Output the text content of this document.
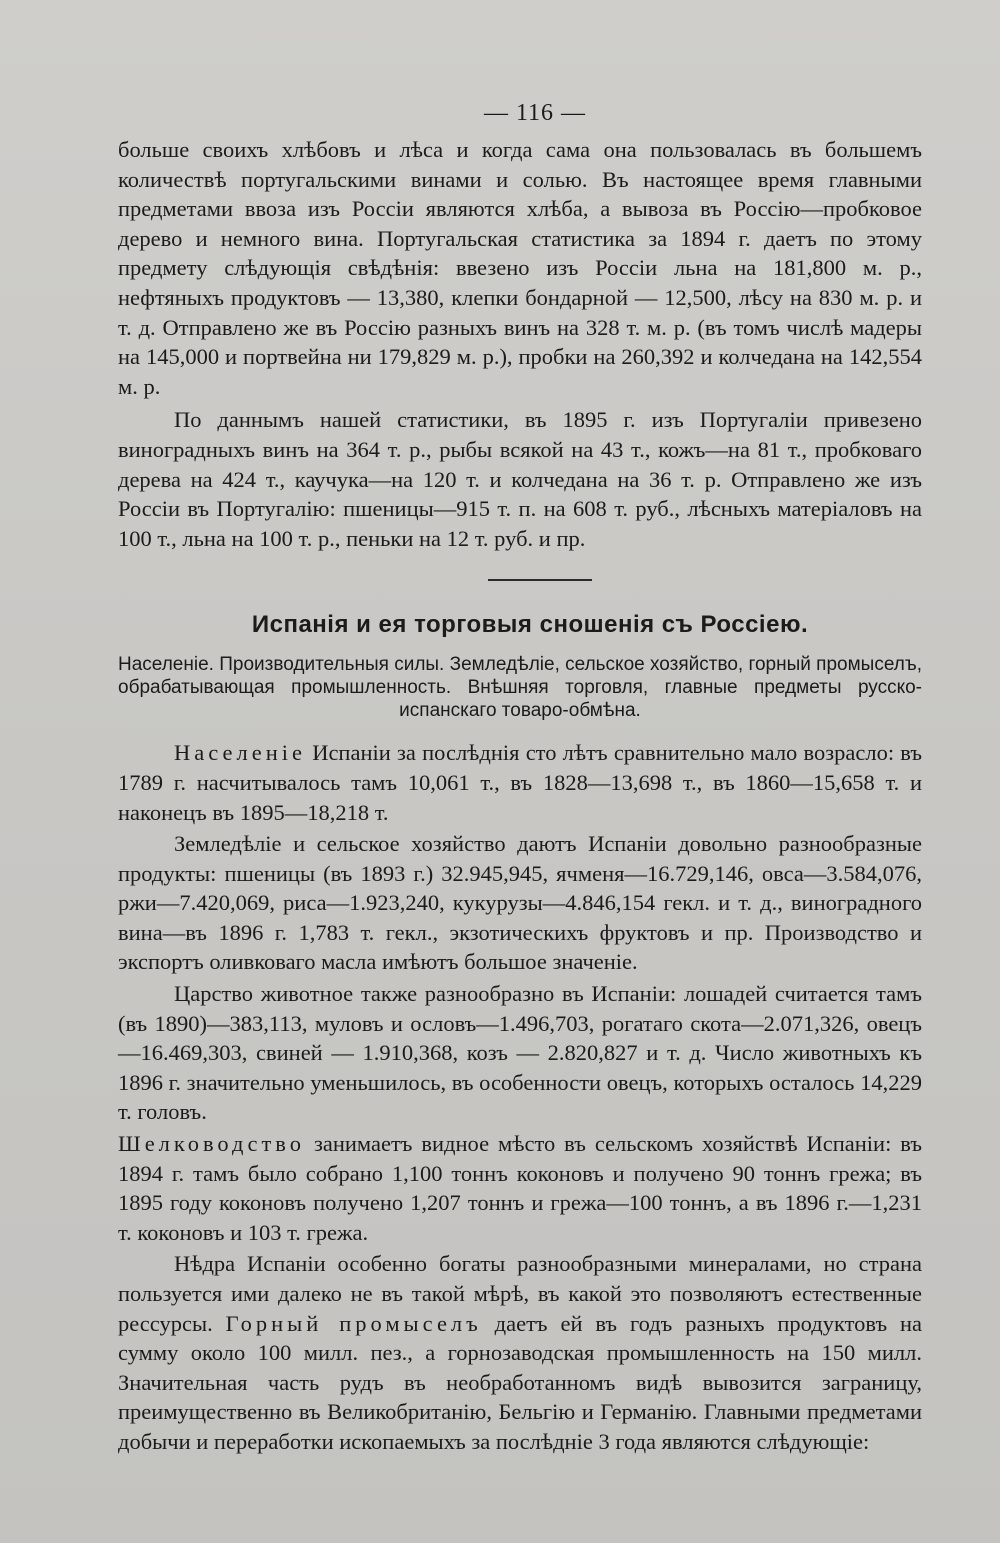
— 116 —

больше своихъ хлѣбовъ и лѣса и когда сама она пользовалась въ большемъ количествѣ португальскими винами и солью. Въ настоящее время главными предметами ввоза изъ Россіи являются хлѣба, а вывоза въ Россію—пробковое дерево и немного вина. Португальская статистика за 1894 г. даетъ по этому предмету слѣдующія свѣдѣнія: ввезено изъ Россіи льна на 181,800 м. р., нефтяныхъ продуктовъ — 13,380, клепки бондарной — 12,500, лѣсу на 830 м. р. и т. д. Отправлено же въ Россію разныхъ винъ на 328 т. м. р. (въ томъ числѣ мадеры на 145,000 и портвейна ни 179,829 м. р.), пробки на 260,392 и колчедана на 142,554 м. р.

По даннымъ нашей статистики, въ 1895 г. изъ Португаліи привезено виноградныхъ винъ на 364 т. р., рыбы всякой на 43 т., кожъ—на 81 т., пробковаго дерева на 424 т., каучука—на 120 т. и колчедана на 36 т. р. Отправлено же изъ Россіи въ Португалію: пшеницы—915 т. п. на 608 т. руб., лѣсныхъ матеріаловъ на 100 т., льна на 100 т. р., пеньки на 12 т. руб. и пр.

Испанія и ея торговыя сношенія съ Россіею.
Населеніе. Производительныя силы. Земледѣліе, сельское хозяйство, горный промыселъ, обрабатывающая промышленность. Внѣшняя торговля, главные предметы русско-испанскаго товаро-обмѣна.

Населеніе Испаніи за послѣднія сто лѣтъ сравнительно мало возрасло: въ 1789 г. насчитывалось тамъ 10,061 т., въ 1828—13,698 т., въ 1860—15,658 т. и наконецъ въ 1895—18,218 т.

Земледѣліе и сельское хозяйство даютъ Испаніи довольно разнообразные продукты: пшеницы (въ 1893 г.) 32.945,945, ячменя—16.729,146, овса—3.584,076, ржи—7.420,069, риса—1.923,240, кукурузы—4.846,154 гекл. и т. д., виноградного вина—въ 1896 г. 1,783 т. гекл., экзотическихъ фруктовъ и пр. Производство и экспортъ оливковаго масла имѣютъ большое значеніе.

Царство животное также разнообразно въ Испаніи: лошадей считается тамъ (въ 1890)—383,113, муловъ и ословъ—1.496,703, рогатаго скота—2.071,326, овецъ—16.469,303, свиней — 1.910,368, козъ — 2.820,827 и т. д. Число животныхъ къ 1896 г. значительно уменьшилось, въ особенности овецъ, которыхъ осталось 14,229 т. головъ.

Шелководство занимаетъ видное мѣсто въ сельскомъ хозяйствѣ Испаніи: въ 1894 г. тамъ было собрано 1,100 тоннъ коконовъ и получено 90 тоннъ грежа; въ 1895 году коконовъ получено 1,207 тоннъ и грежа—100 тоннъ, а въ 1896 г.—1,231 т. коконовъ и 103 т. грежа.

Нѣдра Испаніи особенно богаты разнообразными минералами, но страна пользуется ими далеко не въ такой мѣрѣ, въ какой это позволяютъ естественные рессурсы. Горный промыселъ даетъ ей въ годъ разныхъ продуктовъ на сумму около 100 милл. пез., а горнозаводская промышленность на 150 милл. Значительная часть рудъ въ необработанномъ видѣ вывозится заграницу, преимущественно въ Великобританію, Бельгію и Германію. Главными предметами добычи и переработки ископаемыхъ за послѣдніе 3 года являются слѣдующіе:
